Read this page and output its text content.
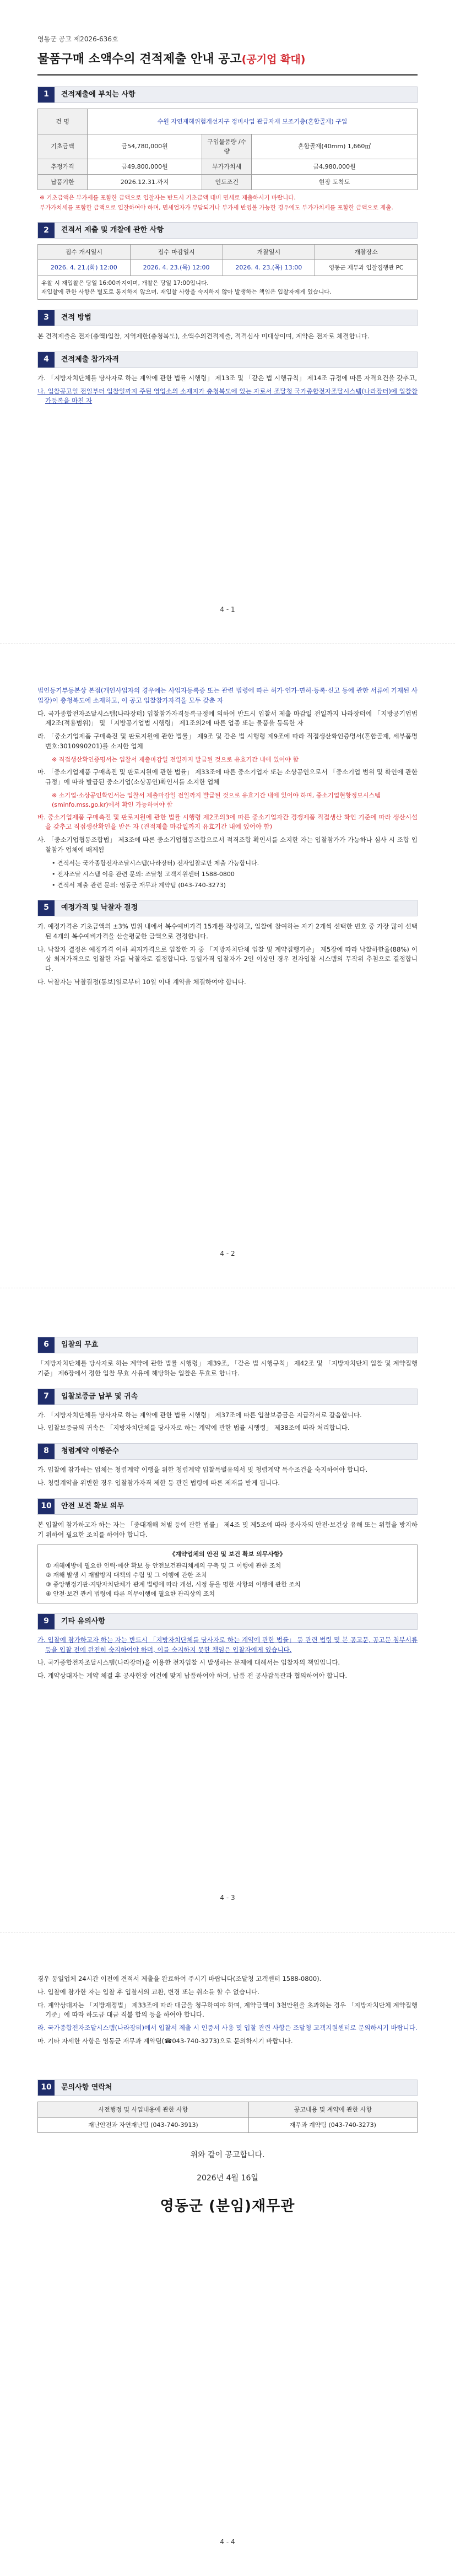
영동군 공고 제2026-636호
물품구매 소액수의 견적제출 안내 공고(공기업 확대)
1	견적제출에 부치는 사항
건 명	수원 자연재해위험개선지구 정비사업 관급자재 보조기층(혼합골재) 구입		
기초금액	금54,780,000원	구입물품량 /수량	혼합골재(40mm) 1,660㎥
추정가격	금49,800,000원	부가가치세	금4,980,000원
납품기한	2026.12.31.까지	인도조건	현장 도착도
※ 기초금액은 부가세를 포함한 금액으로 입찰자는 반드시 기초금액 대비 면세로 제출하시기 바랍니다.
부가가치세를 포함한 금액으로 입찰하여야 하며, 면세업자가 부담되거나 부가세 반영불 가능한 경우에도 부가가치세를 포함한 금액으로 제출.
2	견적서 제출 및 개찰에 관한 사항
접수 개시일시	접수 마감일시	개찰일시	개찰장소
2026. 4. 21.(화) 12:00	2026. 4. 23.(목) 12:00	2026. 4. 23.(목) 13:00	영동군 재무과 입찰집행관 PC

유찰 시 재입찰은 당일 16:00까지이며, 개찰은 당일 17:00입니다.
재입찰에 관한 사항은 별도로 통지하지 않으며, 재입찰 사항을 숙지하지 않아 발생하는 책임은 입찰자에게 있습니다.			
3	견적 방법

본 견적제출은 전자(총액)입찰, 지역제한(충청북도), 소액수의견적제출, 적격심사 미대상이며, 계약은 전자로 체결합니다.

4	견적제출 참가자격

가. 「지방자치단체를 당사자로 하는 계약에 관한 법률 시행령」 제13조 및 「같은 법 시행규칙」 제14조 규정에 따른 자격요건을 갖추고,

나. 입찰공고일 전일부터 입찰일까지 주된 영업소의 소재지가 충청북도에 있는 자로서 조달청 국가종합전자조달시스템(나라장터)에 입찰참가등록을 마친 자

4 - 1

법인등기부등본상 본점(개인사업자의 경우에는 사업자등록증 또는 관련 법령에 따른 허가·인가·면허·등록·신고 등에 관한 서류에 기재된 사업장)이 충청북도에 소재하고, 이 공고 입찰참가자격을 모두 갖춘 자

다. 국가종합전자조달시스템(나라장터) 입찰참가자격등록규정에 의하여 반드시 입찰서 제출 마감일 전일까지 나라장터에 「지방공기업법 제2조(적용범위)」 및 「지방공기업법 시행령」 제1조의2에 따른 업종 또는 물품을 등록한 자

라. 「중소기업제품 구매촉진 및 판로지원에 관한 법률」 제9조 및 같은 법 시행령 제9조에 따라 직접생산확인증명서(혼합골재, 세부품명번호:3010990201)를 소지한 업체

※ 직접생산확인증명서는 입찰서 제출마감일 전일까지 발급된 것으로 유효기간 내에 있어야 함

마. 「중소기업제품 구매촉진 및 판로지원에 관한 법률」 제33조에 따른 중소기업자 또는 소상공인으로서 「중소기업 범위 및 확인에 관한 규정」에 따라 발급된 중소기업(소상공인)확인서를 소지한 업체

※ 소기업·소상공인확인서는 입찰서 제출마감일 전일까지 발급된 것으로 유효기간 내에 있어야 하며, 중소기업현황정보시스템(sminfo.mss.go.kr)에서 확인 가능하여야 함

바. 중소기업제품 구매촉진 및 판로지원에 관한 법률 시행령 제2조의3에 따른 중소기업자간 경쟁제품 직접생산 확인 기준에 따라 생산시설을 갖추고 직접생산확인을 받은 자 (견적제출 마감일까지 유효기간 내에 있어야 함)

사. 「중소기업협동조합법」 제3조에 따른 중소기업협동조합으로서 적격조합 확인서를 소지한 자는 입찰참가가 가능하나 심사 시 조합 입찰참가 업체에 배제됨

• 견적서는 국가종합전자조달시스템(나라장터) 전자입찰로만 제출 가능합니다.

• 전자조달 시스템 이용 관련 문의: 조달청 고객지원센터 1588-0800

• 견적서 제출 관련 문의: 영동군 재무과 계약팀 (043-740-3273)

5	예정가격 및 낙찰자 결정

가. 예정가격은 기초금액의 ±3% 범위 내에서 복수예비가격 15개를 작성하고, 입찰에 참여하는 자가 2개씩 선택한 번호 중 가장 많이 선택된 4개의 복수예비가격을 산술평균한 금액으로 결정합니다.

나. 낙찰자 결정은 예정가격 이하 최저가격으로 입찰한 자 중 「지방자치단체 입찰 및 계약집행기준」 제5장에 따라 낙찰하한율(88%) 이상 최저가격으로 입찰한 자를 낙찰자로 결정합니다. 동일가격 입찰자가 2인 이상인 경우 전자입찰 시스템의 무작위 추첨으로 결정합니다.

다. 낙찰자는 낙찰결정(통보)일로부터 10일 이내 계약을 체결하여야 합니다.

4 - 2
6	입찰의 무효

「지방자치단체를 당사자로 하는 계약에 관한 법률 시행령」 제39조, 「같은 법 시행규칙」 제42조 및 「지방자치단체 입찰 및 계약집행기준」 제6장에서 정한 입찰 무효 사유에 해당하는 입찰은 무효로 합니다.

7	입찰보증금 납부 및 귀속

가. 「지방자치단체를 당사자로 하는 계약에 관한 법률 시행령」 제37조에 따른 입찰보증금은 지급각서로 갈음합니다.

나. 입찰보증금의 귀속은 「지방자치단체를 당사자로 하는 계약에 관한 법률 시행령」 제38조에 따라 처리합니다.

8	청렴계약 이행준수

가. 입찰에 참가하는 업체는 청렴계약 이행을 위한 청렴계약 입찰특별유의서 및 청렴계약 특수조건을 숙지하여야 합니다.

나. 청렴계약을 위반한 경우 입찰참가자격 제한 등 관련 법령에 따른 제재를 받게 됩니다.

10	안전 보건 확보 의무

본 입찰에 참가하고자 하는 자는 「중대재해 처벌 등에 관한 법률」 제4조 및 제5조에 따라 종사자의 안전·보건상 유해 또는 위험을 방지하기 위하여 필요한 조치를 하여야 합니다.

《계약업체의 안전 및 보건 확보 의무사항》
① 재해예방에 필요한 인력·예산 확보 등 안전보건관리체계의 구축 및 그 이행에 관한 조치
② 재해 발생 시 재발방지 대책의 수립 및 그 이행에 관한 조치
③ 중앙행정기관·지방자치단체가 관계 법령에 따라 개선, 시정 등을 명한 사항의 이행에 관한 조치
④ 안전·보건 관계 법령에 따른 의무이행에 필요한 관리상의 조치
9	기타 유의사항

가. 입찰에 참가하고자 하는 자는 반드시 「지방자치단체를 당사자로 하는 계약에 관한 법률」 등 관련 법령 및 본 공고문, 공고문 첨부서류 등을 입찰 전에 완전히 숙지하여야 하며, 이를 숙지하지 못한 책임은 입찰자에게 있습니다.

나. 국가종합전자조달시스템(나라장터)을 이용한 전자입찰 시 발생하는 문제에 대해서는 입찰자의 책임입니다.

다. 계약상대자는 계약 체결 후 공사현장 여건에 맞게 납품하여야 하며, 납품 전 공사감독관과 협의하여야 합니다.

4 - 3

경우 동일업체 24시간 이전에 견적서 제출을 완료하여 주시기 바랍니다(조달청 고객센터 1588-0800).

나. 입찰에 참가한 자는 입찰 후 입찰서의 교환, 변경 또는 취소를 할 수 없습니다.

다. 계약상대자는 「지방재정법」 제33조에 따라 대금을 청구하여야 하며, 계약금액이 3천만원을 초과하는 경우 「지방자치단체 계약집행기준」에 따라 하도급 대금 직불 합의 등을 하여야 합니다.

라. 국가종합전자조달시스템(나라장터)에서 입찰서 제출 시 인증서 사용 및 입찰 관련 사항은 조달청 고객지원센터로 문의하시기 바랍니다.

마. 기타 자세한 사항은 영동군 재무과 계약팀(☎043-740-3273)으로 문의하시기 바랍니다.

10	문의사항 연락처
사전행정 및 사업내용에 관한 사항	공고내용 및 계약에 관한 사항
재난안전과 자연재난팀 (043-740-3913)	재무과 계약팀 (043-740-3273)
위와 같이 공고합니다.
2026년 4월 16일
영동군 (분임)재무관
4 - 4
